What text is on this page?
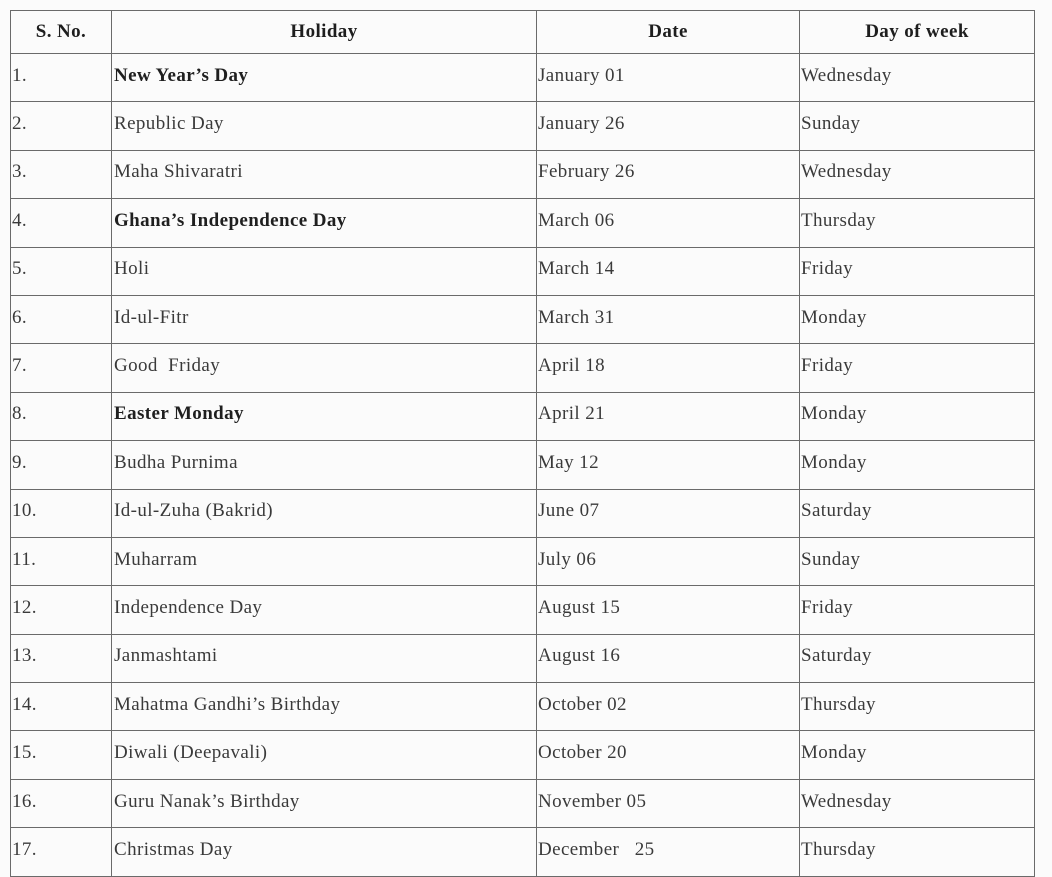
S. No.	Holiday	Date	Day of week
1.	New Year’s Day	January 01	Wednesday
2.	Republic Day	January 26	Sunday
3.	Maha Shivaratri	February 26	Wednesday
4.	Ghana’s Independence Day	March 06	Thursday
5.	Holi	March 14	Friday
6.	Id-ul-Fitr	March 31	Monday
7.	Good  Friday	April 18	Friday
8.	Easter Monday	April 21	Monday
9.	Budha Purnima	May 12	Monday
10.	Id-ul-Zuha (Bakrid)	June 07	Saturday
11.	Muharram	July 06	Sunday
12.	Independence Day	August 15	Friday
13.	Janmashtami	August 16	Saturday
14.	Mahatma Gandhi’s Birthday	October 02	Thursday
15.	Diwali (Deepavali)	October 20	Monday
16.	Guru Nanak’s Birthday	November 05	Wednesday
17.	Christmas Day	December   25	Thursday
